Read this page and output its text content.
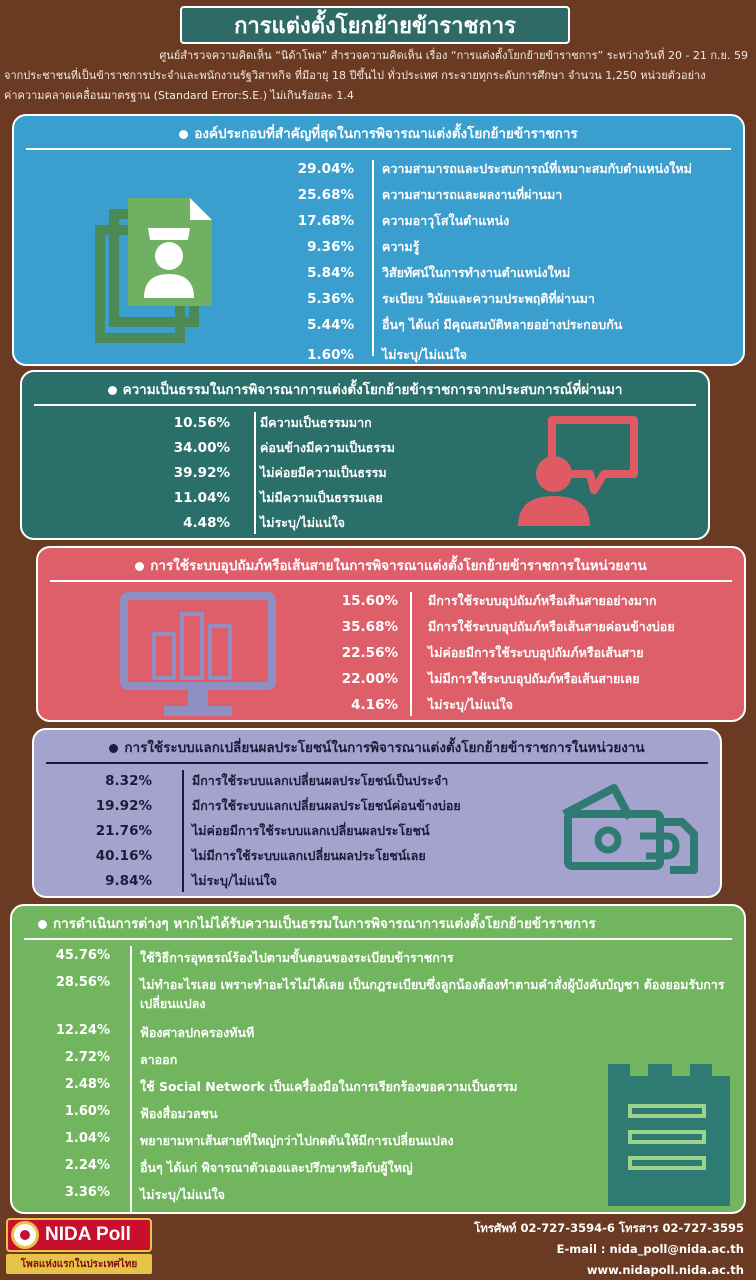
การแต่งตั้งโยกย้ายข้าราชการ
ศูนย์สำรวจความคิดเห็น “นิด้าโพล” สำรวจความคิดเห็น เรื่อง “การแต่งตั้งโยกย้ายข้าราชการ” ระหว่างวันที่ 20 - 21 ก.ย. 59
จากประชาชนที่เป็นข้าราชการประจำและพนักงานรัฐวิสาหกิจ ที่มีอายุ 18 ปีขึ้นไป ทั่วประเทศ กระจายทุกระดับการศึกษา จำนวน 1,250 หน่วยตัวอย่าง
ค่าความคลาดเคลื่อนมาตรฐาน (Standard Error:S.E.) ไม่เกินร้อยละ 1.4
องค์ประกอบที่สำคัญที่สุดในการพิจารณาแต่งตั้งโยกย้ายข้าราชการ
29.04% ความสามารถและประสบการณ์ที่เหมาะสมกับตำแหน่งใหม่
25.68% ความสามารถและผลงานที่ผ่านมา
17.68% ความอาวุโสในตำแหน่ง
9.36% ความรู้
5.84% วิสัยทัศน์ในการทำงานตำแหน่งใหม่
5.36% ระเบียบ วินัยและความประพฤติที่ผ่านมา
5.44% อื่นๆ ได้แก่ มีคุณสมบัติหลายอย่างประกอบกัน
1.60% ไม่ระบุ/ไม่แน่ใจ
ความเป็นธรรมในการพิจารณาการแต่งตั้งโยกย้ายข้าราชการจากประสบการณ์ที่ผ่านมา
10.56% มีความเป็นธรรมมาก
34.00% ค่อนข้างมีความเป็นธรรม
39.92% ไม่ค่อยมีความเป็นธรรม
11.04% ไม่มีความเป็นธรรมเลย
4.48% ไม่ระบุ/ไม่แน่ใจ
การใช้ระบบอุปถัมภ์หรือเส้นสายในการพิจารณาแต่งตั้งโยกย้ายข้าราชการในหน่วยงาน
15.60% มีการใช้ระบบอุปถัมภ์หรือเส้นสายอย่างมาก
35.68% มีการใช้ระบบอุปถัมภ์หรือเส้นสายค่อนข้างบ่อย
22.56% ไม่ค่อยมีการใช้ระบบอุปถัมภ์หรือเส้นสาย
22.00% ไม่มีการใช้ระบบอุปถัมภ์หรือเส้นสายเลย
4.16% ไม่ระบุ/ไม่แน่ใจ
การใช้ระบบแลกเปลี่ยนผลประโยชน์ในการพิจารณาแต่งตั้งโยกย้ายข้าราชการในหน่วยงาน
8.32%	มีการใช้ระบบแลกเปลี่ยนผลประโยชน์เป็นประจำ
19.92%	มีการใช้ระบบแลกเปลี่ยนผลประโยชน์ค่อนข้างบ่อย
21.76%	ไม่ค่อยมีการใช้ระบบแลกเปลี่ยนผลประโยชน์
40.16%	ไม่มีการใช้ระบบแลกเปลี่ยนผลประโยชน์เลย
9.84%	ไม่ระบุ/ไม่แน่ใจ
การดำเนินการต่างๆ หากไม่ได้รับความเป็นธรรมในการพิจารณาการแต่งตั้งโยกย้ายข้าราชการ
45.76% ใช้วิธีการอุทธรณ์ร้องไปตามขั้นตอนของระเบียบข้าราชการ
28.56% ไม่ทำอะไรเลย เพราะทำอะไรไม่ได้เลย เป็นกฎระเบียบซึ่งลูกน้องต้องทำตามคำสั่งผู้บังคับบัญชา ต้องยอมรับการเปลี่ยนแปลง
12.24% ฟ้องศาลปกครองทันที
2.72% ลาออก
2.48% ใช้ Social Network เป็นเครื่องมือในการเรียกร้องขอความเป็นธรรม
1.60% ฟ้องสื่อมวลชน
1.04% พยายามหาเส้นสายที่ใหญ่กว่าไปกดดันให้มีการเปลี่ยนแปลง
2.24% อื่นๆ ได้แก่ พิจารณาตัวเองและปรึกษาหรือกับผู้ใหญ่
3.36% ไม่ระบุ/ไม่แน่ใจ
NIDA Poll
โพลแห่งแรกในประเทศไทย
โทรศัพท์ 02-727-3594-6 โทรสาร 02-727-3595
E-mail : nida_poll@nida.ac.th
www.nidapoll.nida.ac.th
